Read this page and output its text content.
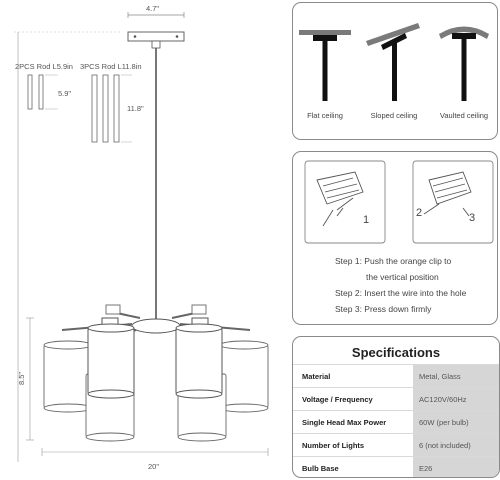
4.7"
8.5"
20"
2PCS Rod L5.9in 3PCS Rod L11.8in
5.9"
11.8"
Flat ceiling	Sloped ceiling	Vaulted ceiling
1
2	3
Step 1: Push the orange clip to
the vertical position
Step 2: Insert the wire into the hole
Step 3: Press down firmly
Specifications
Material	Metal, Glass
Voltage / Frequency	AC120V/60Hz
Single Head Max Power	60W (per bulb)
Number of Lights	6 (not included)
Bulb Base	E26
